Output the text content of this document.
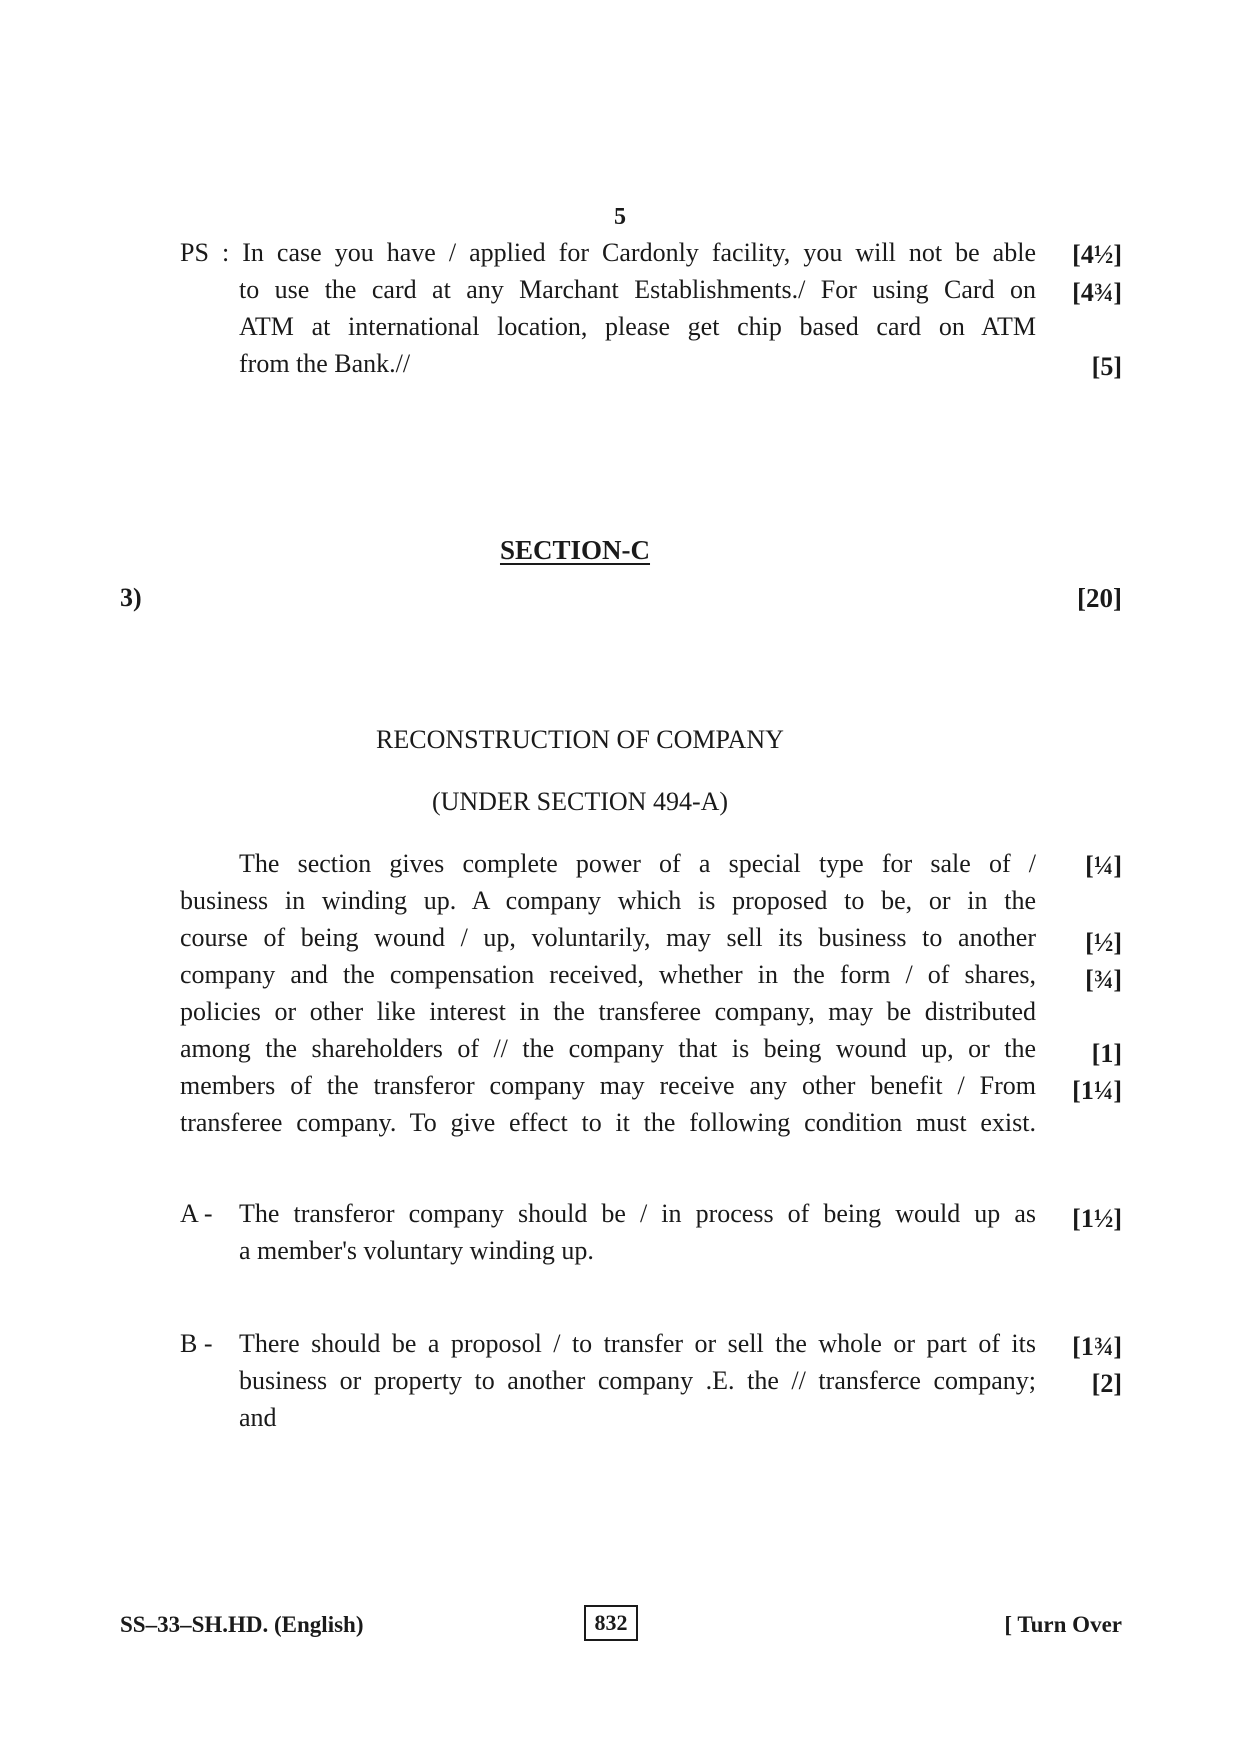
5
PS : In case you have / applied for Cardonly facility, you will not be able
to use the card at any Marchant Establishments./ For using Card on
ATM at international location, please get chip based card on ATM
from the Bank.//
[4½]
[4¾]
[5]
SECTION-C
3)	[20]
RECONSTRUCTION OF COMPANY
(UNDER SECTION 494-A)
The section gives complete power of a special type for sale of /
business in winding up. A company which is proposed to be, or in the
course of being wound / up, voluntarily, may sell its business to another
company and the compensation received, whether in the form / of shares,
policies or other like interest in the transferee company, may be distributed
among the shareholders of // the company that is being wound up, or the
members of the transferor company may receive any other benefit / From
transferee company. To give effect to it the following condition must exist.
[¼]
[½]
[¾]
[1]
[1¼]
A - The transferor company should be / in process of being would up as
a member's voluntary winding up.
[1½]
B - There should be a proposol / to transfer or sell the whole or part of its
business or property to another company .E. the // transferce company;
and
[1¾]
[2]
SS–33–SH.HD. (English)	832	[ Turn Over
